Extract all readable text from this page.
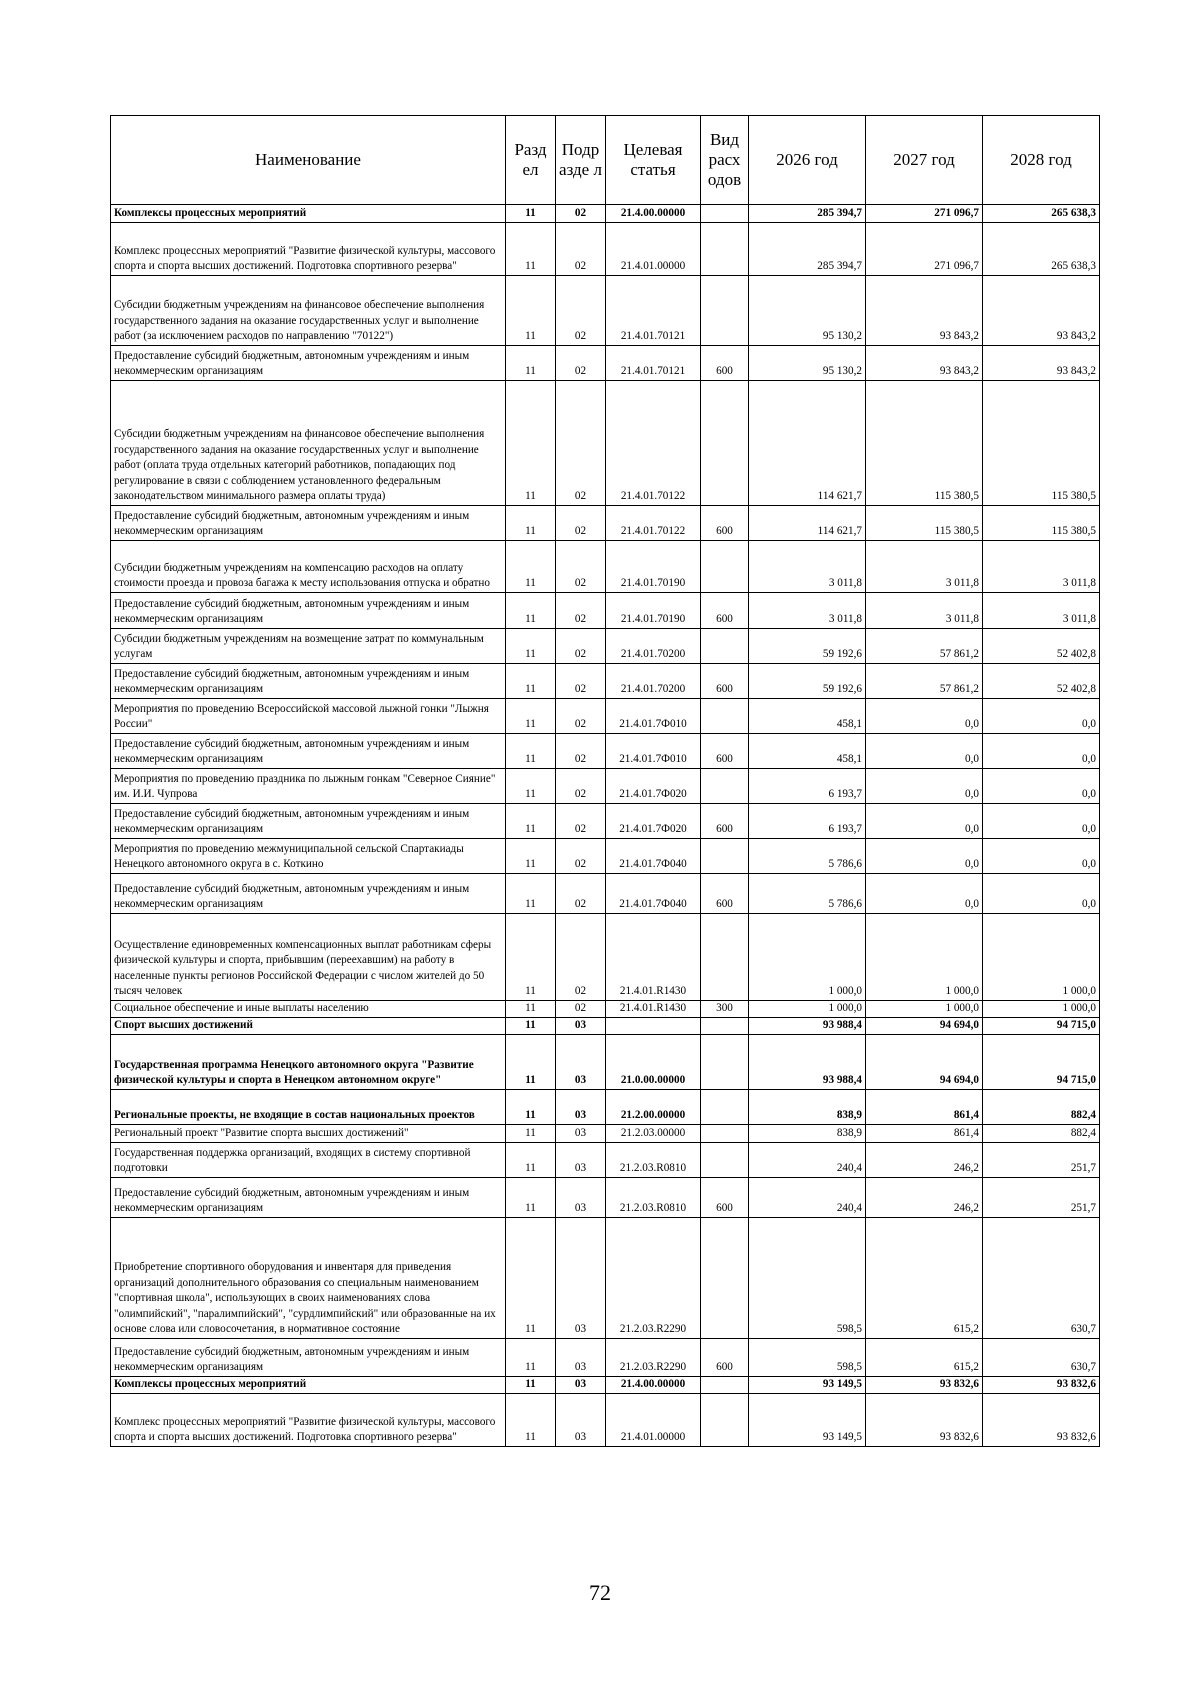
Наименование	Разд ел	Подр азде л	Целевая статья	Вид расх одов	2026 год	2027 год	2028 год
Комплексы процессных мероприятий	11	02	21.4.00.00000		285 394,7	271 096,7	265 638,3
Комплекс процессных мероприятий "Развитие физической культуры, массового спорта и спорта высших достижений. Подготовка спортивного резерва"	11	02	21.4.01.00000		285 394,7	271 096,7	265 638,3
Субсидии бюджетным учреждениям на финансовое обеспечение выполнения государственного задания на оказание государственных услуг и выполнение работ (за исключением расходов по направлению "70122")	11	02	21.4.01.70121		95 130,2	93 843,2	93 843,2
Предоставление субсидий бюджетным, автономным учреждениям и иным некоммерческим организациям	11	02	21.4.01.70121	600	95 130,2	93 843,2	93 843,2
Субсидии бюджетным учреждениям на финансовое обеспечение выполнения государственного задания на оказание государственных услуг и выполнение работ (оплата труда отдельных категорий работников, попадающих под регулирование в связи с соблюдением установленного федеральным законодательством минимального размера оплаты труда)	11	02	21.4.01.70122		114 621,7	115 380,5	115 380,5
Предоставление субсидий бюджетным, автономным учреждениям и иным некоммерческим организациям	11	02	21.4.01.70122	600	114 621,7	115 380,5	115 380,5
Субсидии бюджетным учреждениям на компенсацию расходов на оплату стоимости проезда и провоза багажа к месту использования отпуска и обратно	11	02	21.4.01.70190		3 011,8	3 011,8	3 011,8
Предоставление субсидий бюджетным, автономным учреждениям и иным некоммерческим организациям	11	02	21.4.01.70190	600	3 011,8	3 011,8	3 011,8
Субсидии бюджетным учреждениям на возмещение затрат по коммунальным услугам	11	02	21.4.01.70200		59 192,6	57 861,2	52 402,8
Предоставление субсидий бюджетным, автономным учреждениям и иным некоммерческим организациям	11	02	21.4.01.70200	600	59 192,6	57 861,2	52 402,8
Мероприятия по проведению Всероссийской массовой лыжной гонки "Лыжня России"	11	02	21.4.01.7Ф010		458,1	0,0	0,0
Предоставление субсидий бюджетным, автономным учреждениям и иным некоммерческим организациям	11	02	21.4.01.7Ф010	600	458,1	0,0	0,0
Мероприятия по проведению праздника по лыжным гонкам "Северное Сияние" им. И.И. Чупрова	11	02	21.4.01.7Ф020		6 193,7	0,0	0,0
Предоставление субсидий бюджетным, автономным учреждениям и иным некоммерческим организациям	11	02	21.4.01.7Ф020	600	6 193,7	0,0	0,0
Мероприятия по проведению межмуниципальной сельской Спартакиады Ненецкого автономного округа в с. Коткино	11	02	21.4.01.7Ф040		5 786,6	0,0	0,0
Предоставление субсидий бюджетным, автономным учреждениям и иным некоммерческим организациям	11	02	21.4.01.7Ф040	600	5 786,6	0,0	0,0
Осуществление единовременных компенсационных выплат работникам сферы физической культуры и спорта, прибывшим (переехавшим) на работу в населенные пункты регионов Российской Федерации с числом жителей до 50 тысяч человек	11	02	21.4.01.R1430		1 000,0	1 000,0	1 000,0
Социальное обеспечение и иные выплаты населению	11	02	21.4.01.R1430	300	1 000,0	1 000,0	1 000,0
Спорт высших достижений	11	03			93 988,4	94 694,0	94 715,0
Государственная программа Ненецкого автономного округа "Развитие физической культуры и спорта в Ненецком автономном округе"	11	03	21.0.00.00000		93 988,4	94 694,0	94 715,0
Региональные проекты, не входящие в состав национальных проектов	11	03	21.2.00.00000		838,9	861,4	882,4
Региональный проект "Развитие спорта высших достижений"	11	03	21.2.03.00000		838,9	861,4	882,4
Государственная поддержка организаций, входящих в систему спортивной подготовки	11	03	21.2.03.R0810		240,4	246,2	251,7
Предоставление субсидий бюджетным, автономным учреждениям и иным некоммерческим организациям	11	03	21.2.03.R0810	600	240,4	246,2	251,7
Приобретение спортивного оборудования и инвентаря для приведения организаций дополнительного образования со специальным наименованием "спортивная школа", использующих в своих наименованиях слова "олимпийский", "паралимпийский", "сурдлимпийский" или образованные на их основе слова или словосочетания, в нормативное состояние	11	03	21.2.03.R2290		598,5	615,2	630,7
Предоставление субсидий бюджетным, автономным учреждениям и иным некоммерческим организациям	11	03	21.2.03.R2290	600	598,5	615,2	630,7
Комплексы процессных мероприятий	11	03	21.4.00.00000		93 149,5	93 832,6	93 832,6
Комплекс процессных мероприятий "Развитие физической культуры, массового спорта и спорта высших достижений. Подготовка спортивного резерва"	11	03	21.4.01.00000		93 149,5	93 832,6	93 832,6
72
